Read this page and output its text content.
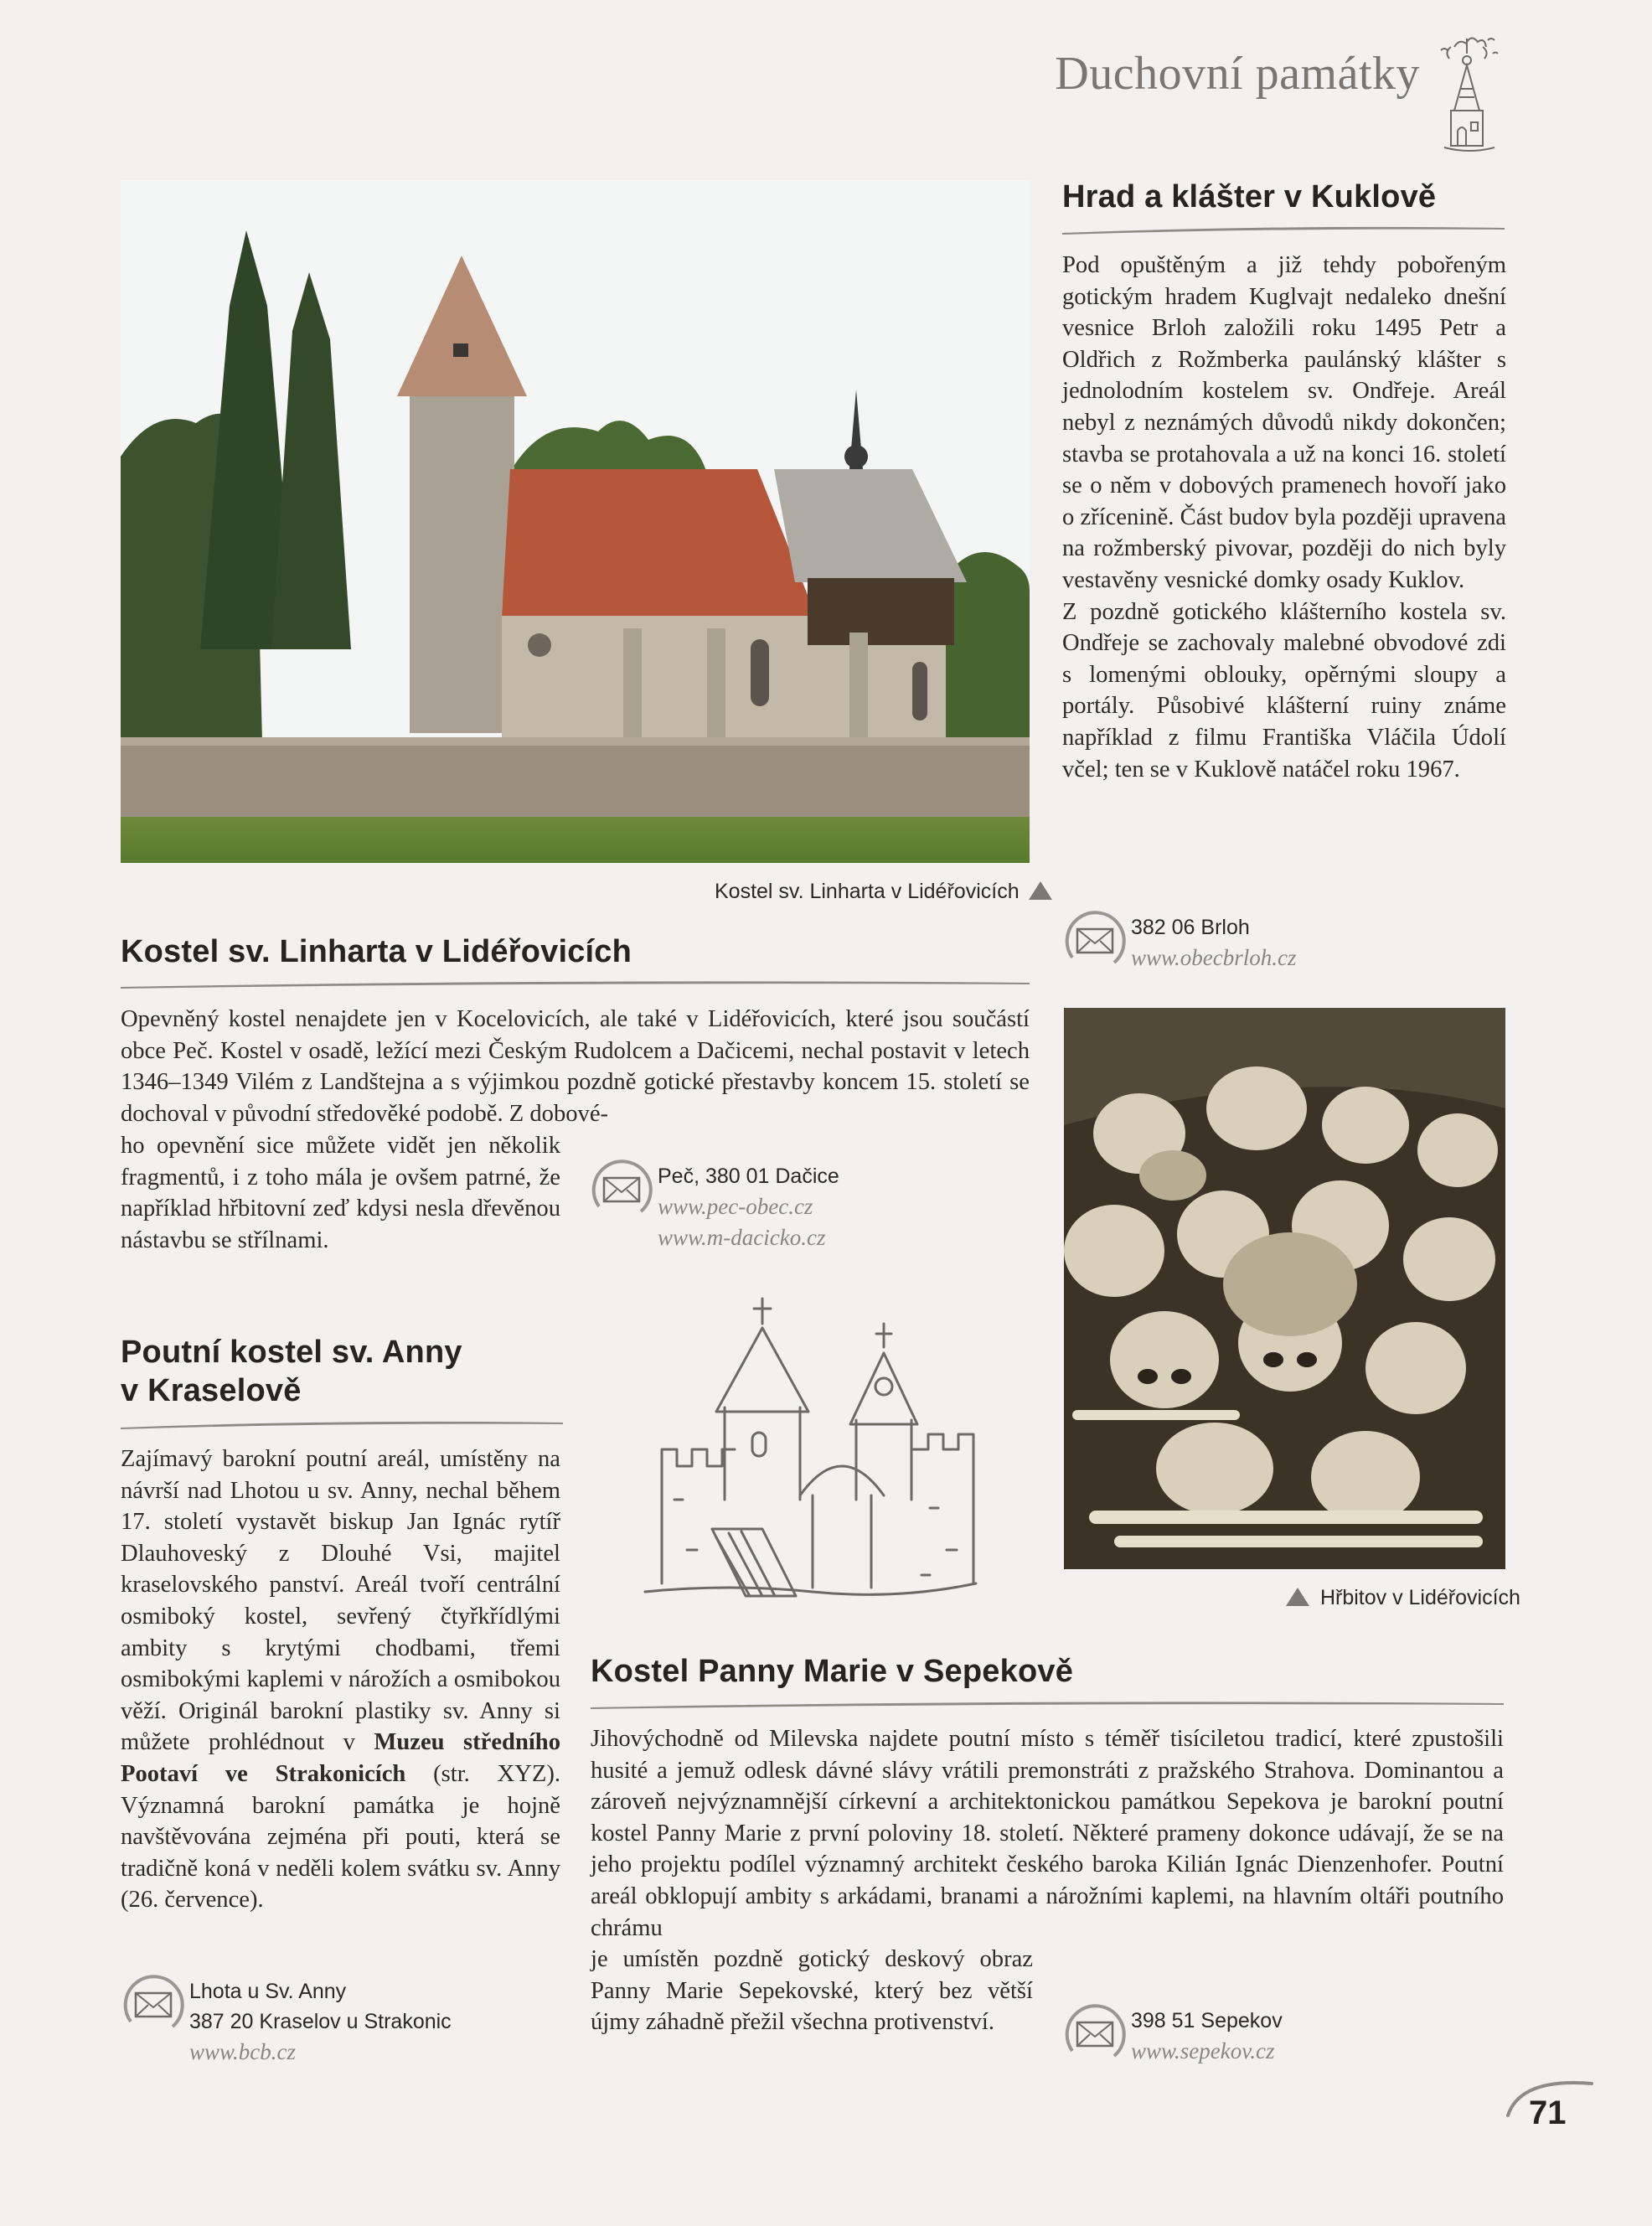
Duchovní památky
Kostel sv. Linharta v Lidéřovicích
Hrad a klášter v Kuklově

Pod opuštěným a již tehdy pobořeným gotickým hradem Kuglvajt nedaleko dnešní vesnice Brloh založili roku 1495 Petr a Oldřich z Rožmberka paulánský klášter s jednolodním kostelem sv. Ondřeje. Areál nebyl z neznámých důvodů nikdy dokončen; stavba se protahovala a už na konci 16. století se o něm v dobových pramenech hovoří jako o zřícenině. Část budov byla později upravena na rožmberský pivovar, později do nich byly vestavěny vesnické domky osady Kuklov.

Z pozdně gotického klášterního kostela sv. Ondřeje se zachovaly malebné obvodové zdi s lomenými oblouky, opěrnými sloupy a portály. Působivé klášterní ruiny známe například z filmu Františka Vláčila Údolí včel; ten se v Kuklově natáčel roku 1967.

382 06 Brloh
www.obecbrloh.cz
Hřbitov v Lidéřovicích
Kostel sv. Linharta v Lidéřovicích
Opevněný kostel nenajdete jen v Kocelovicích, ale také v Lidéřovicích, které jsou součástí obce Peč. Kostel v osadě, ležící mezi Českým Rudolcem a Dačicemi, nechal postavit v letech 1346–1349 Vilém z Landštejna a s výjimkou pozdně gotické přestavby koncem 15. století se dochoval v původní středověké podobě. Z dobové-
ho opevnění sice můžete vidět jen několik fragmentů, i z toho mála je ovšem patrné, že například hřbitovní zeď kdysi nesla dřevěnou nástavbu se střílnami.
Peč, 380 01 Dačice
www.pec-obec.cz
www.m-dacicko.cz
Poutní kostel sv. Anny
v Kraselově
Zajímavý barokní poutní areál, umístěny na návrší nad Lhotou u sv. Anny, nechal během 17. století vystavět biskup Jan Ignác rytíř Dlauhoveský z Dlouhé Vsi, majitel kraselovského panství. Areál tvoří centrální osmiboký kostel, sevřený čtyřkřídlými ambity s krytými chodbami, třemi osmibokými kaplemi v nárožích a osmibokou věží. Originál barokní plastiky sv. Anny si můžete prohlédnout v Muzeu středního Pootaví ve Strakonicích (str. XYZ). Významná barokní památka je hojně navštěvována zejména při pouti, která se tradičně koná v neděli kolem svátku sv. Anny (26. července).
Lhota u Sv. Anny
387 20 Kraselov u Strakonic
www.bcb.cz
Kostel Panny Marie v Sepekově
Jihovýchodně od Milevska najdete poutní místo s téměř tisíciletou tradicí, které zpustošili husité a jemuž odlesk dávné slávy vrátili premonstráti z pražského Strahova. Dominantou a zároveň nejvýznamnější církevní a architektonickou památkou Sepekova je barokní poutní kostel Panny Marie z první poloviny 18. století. Některé prameny dokonce udávají, že se na jeho projektu podílel významný architekt českého baroka Kilián Ignác Dienzenhofer. Poutní areál obklopují ambity s arkádami, branami a nárožními kaplemi, na hlavním oltáři poutního chrámu
je umístěn pozdně gotický deskový obraz Panny Marie Sepekovské, který bez větší újmy záhadně přežil všechna protivenství.	398 51 Sepekov
www.sepekov.cz
71
